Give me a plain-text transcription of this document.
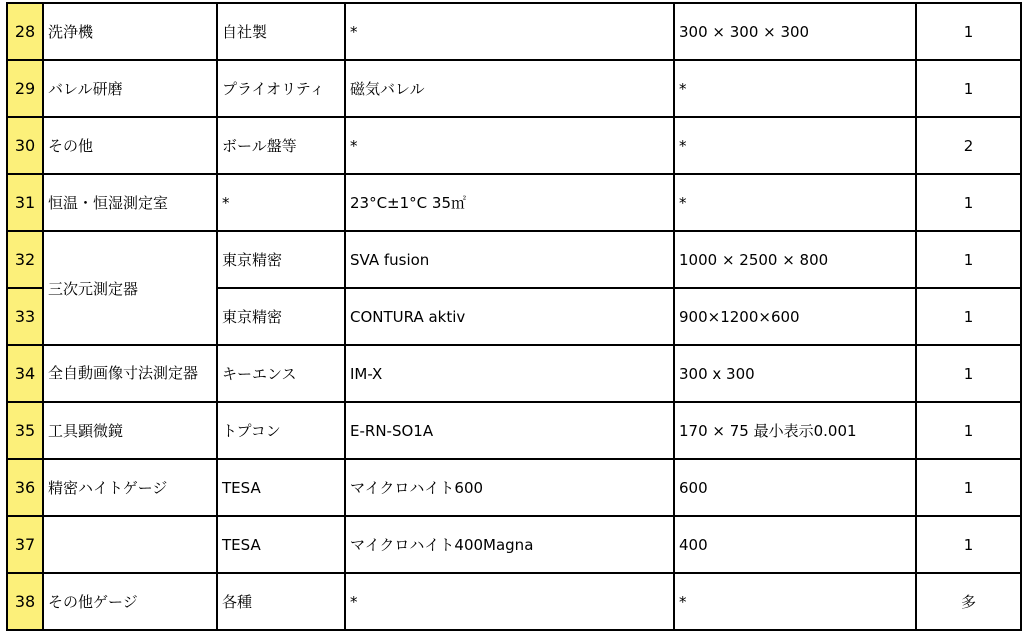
28	洗浄機	自社製	*	300 × 300 × 300	1
29	バレル研磨	プライオリティ	磁気バレル	*	1
30	その他	ボール盤等	*	*	2
31	恒温・恒湿測定室	*	23°C±1°C 35㎡	*	1
32	三次元測定器	東京精密	SVA fusion	1000 × 2500 × 800	1
33		東京精密	CONTURA aktiv	900×1200×600	1
34	全自動画像寸法測定器	キーエンス	IM-X	300 x 300	1
35	工具顕微鏡	トプコン	E-RN-SO1A	170 × 75 最小表示0.001	1
36	精密ハイトゲージ	TESA	マイクロハイト600	600	1
37		TESA	マイクロハイト400Magna	400	1
38	その他ゲージ	各種	*	*	多
